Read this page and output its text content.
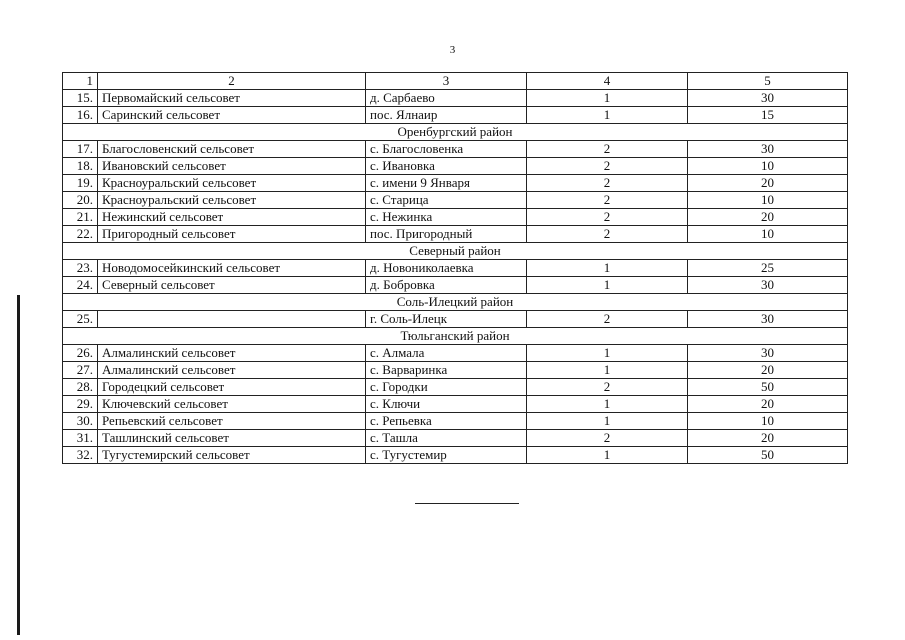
3
1	2	3	4	5
15.	Первомайский сельсовет	д. Сарбаево	1	30
16.	Саринский сельсовет	пос. Ялнаир	1	15
Оренбургский район				
17.	Благословенский сельсовет	с. Благословенка	2	30
18.	Ивановский сельсовет	с. Ивановка	2	10
19.	Красноуральский сельсовет	с. имени 9 Января	2	20
20.	Красноуральский сельсовет	с. Старица	2	10
21.	Нежинский сельсовет	с. Нежинка	2	20
22.	Пригородный сельсовет	пос. Пригородный	2	10
Северный район				
23.	Новодомосейкинский сельсовет	д. Новониколаевка	1	25
24.	Северный сельсовет	д. Бобровка	1	30
Соль-Илецкий район				
25.		г. Соль-Илецк	2	30
Тюльганский район				
26.	Алмалинский сельсовет	с. Алмала	1	30
27.	Алмалинский сельсовет	с. Варваринка	1	20
28.	Городецкий сельсовет	с. Городки	2	50
29.	Ключевский сельсовет	с. Ключи	1	20
30.	Репьевский сельсовет	с. Репьевка	1	10
31.	Ташлинский сельсовет	с. Ташла	2	20
32.	Тугустемирский сельсовет	с. Тугустемир	1	50
